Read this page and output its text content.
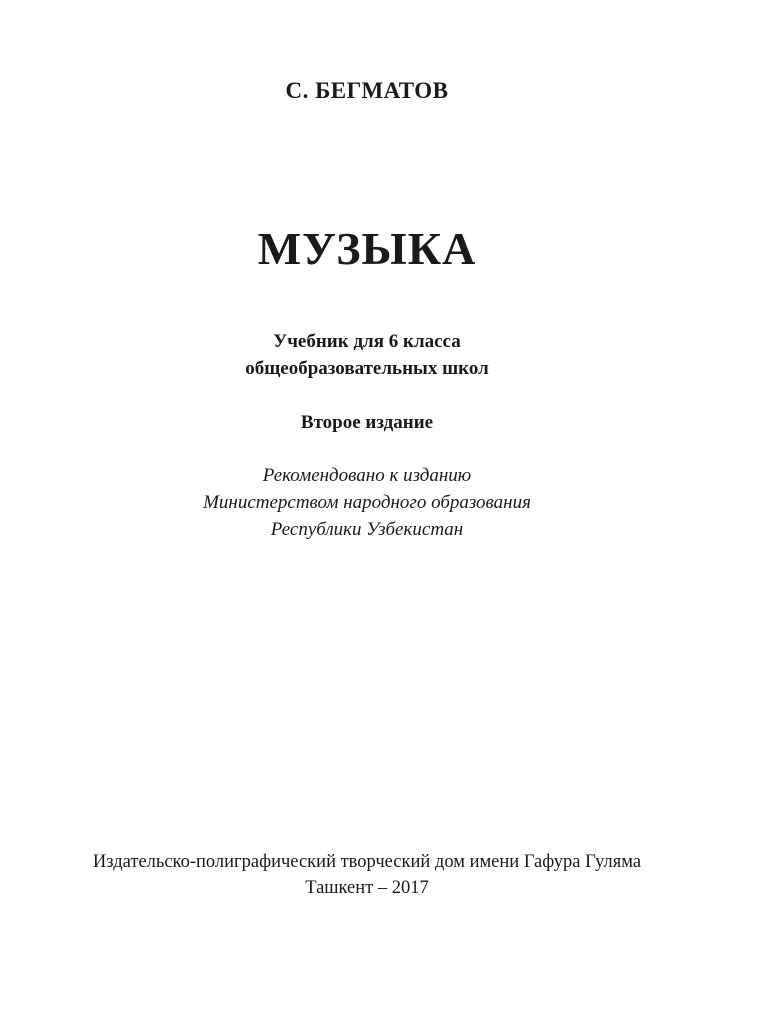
С. БЕГМАТОВ
МУЗЫКА
Учебник для 6 класса
общеобразовательных школ
Второе издание
Рекомендовано к изданию
Министерством народного образования
Республики Узбекистан
Издательско-полиграфический творческий дом имени Гафура Гуляма
Ташкент – 2017
